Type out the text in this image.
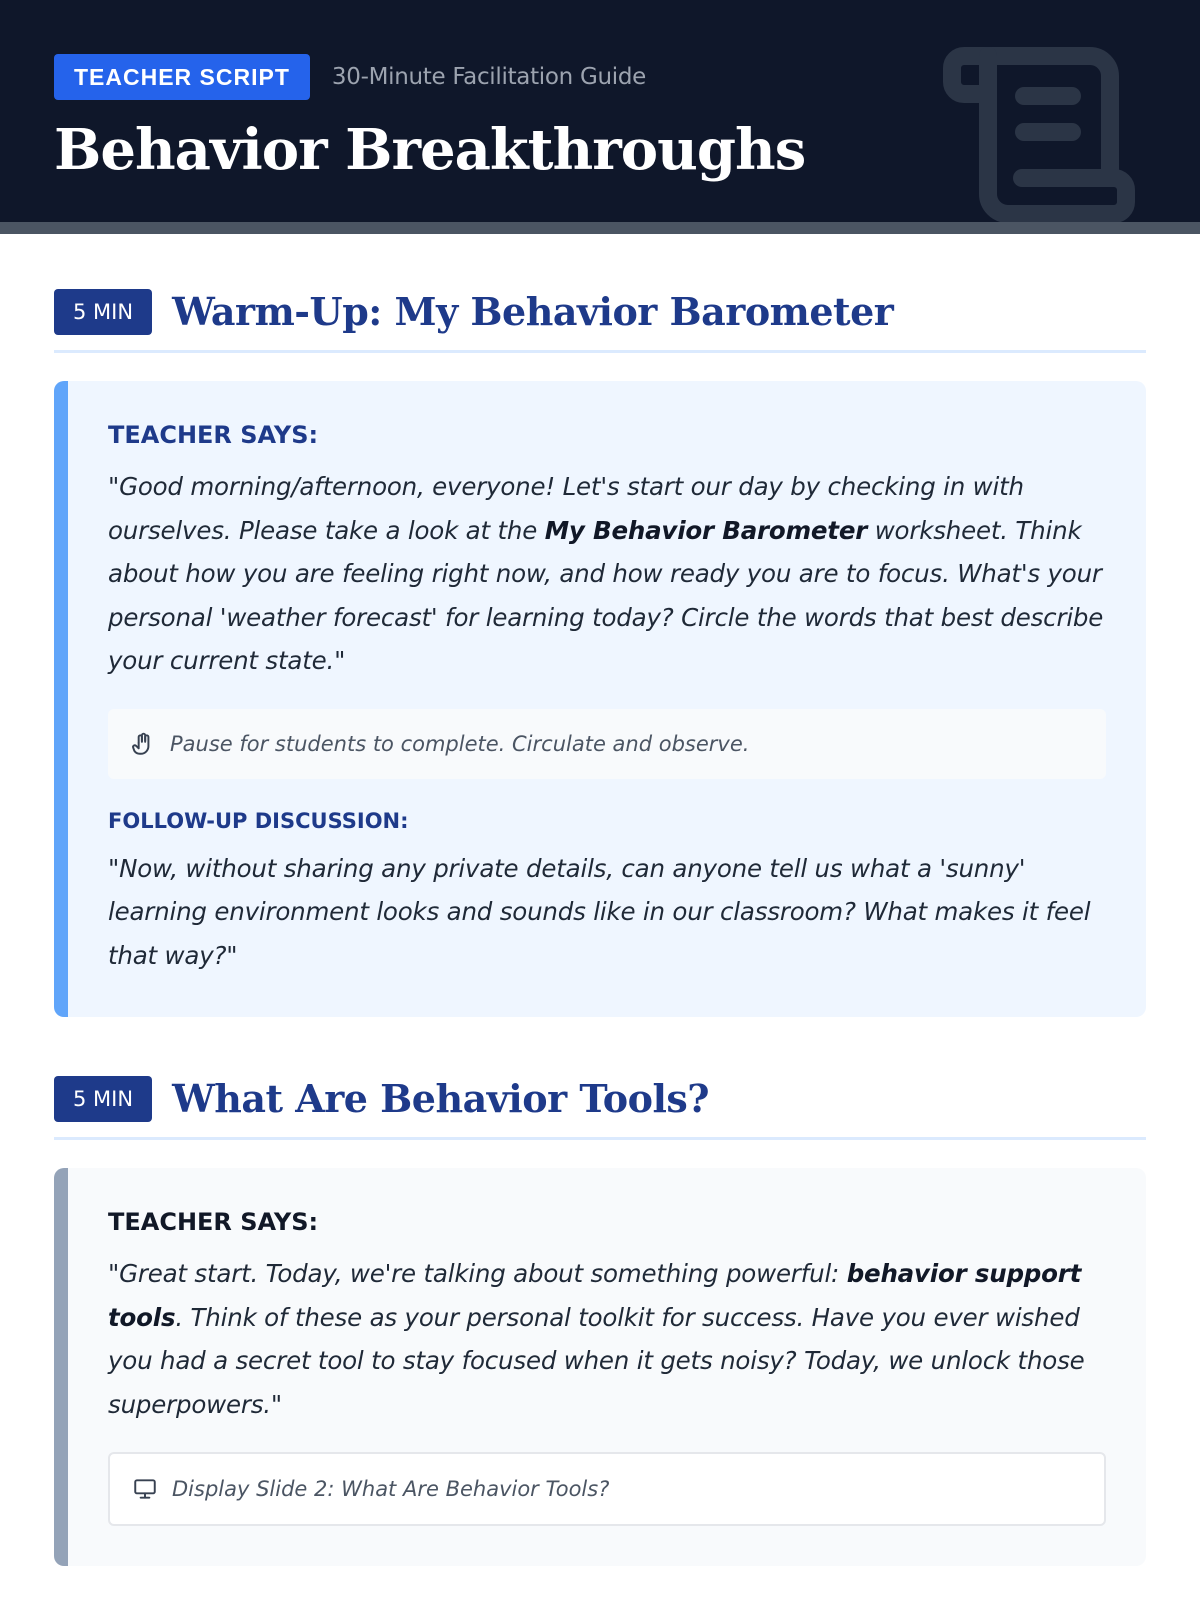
TEACHER SCRIPT	30-Minute Facilitation Guide
Behavior Breakthroughs
5 MIN	Warm-Up: My Behavior Barometer
TEACHER SAYS:

"Good morning/afternoon, everyone! Let's start our day by checking in with ourselves. Please take a look at the My Behavior Barometer worksheet. Think about how you are feeling right now, and how ready you are to focus. What's your personal 'weather forecast' for learning today? Circle the words that best describe your current state."

Pause for students to complete. Circulate and observe.
FOLLOW-UP DISCUSSION:

"Now, without sharing any private details, can anyone tell us what a 'sunny' learning environment looks and sounds like in our classroom? What makes it feel that way?"

5 MIN	What Are Behavior Tools?
TEACHER SAYS:

"Great start. Today, we're talking about something powerful: behavior support tools. Think of these as your personal toolkit for success. Have you ever wished you had a secret tool to stay focused when it gets noisy? Today, we unlock those superpowers."

Display Slide 2: What Are Behavior Tools?
